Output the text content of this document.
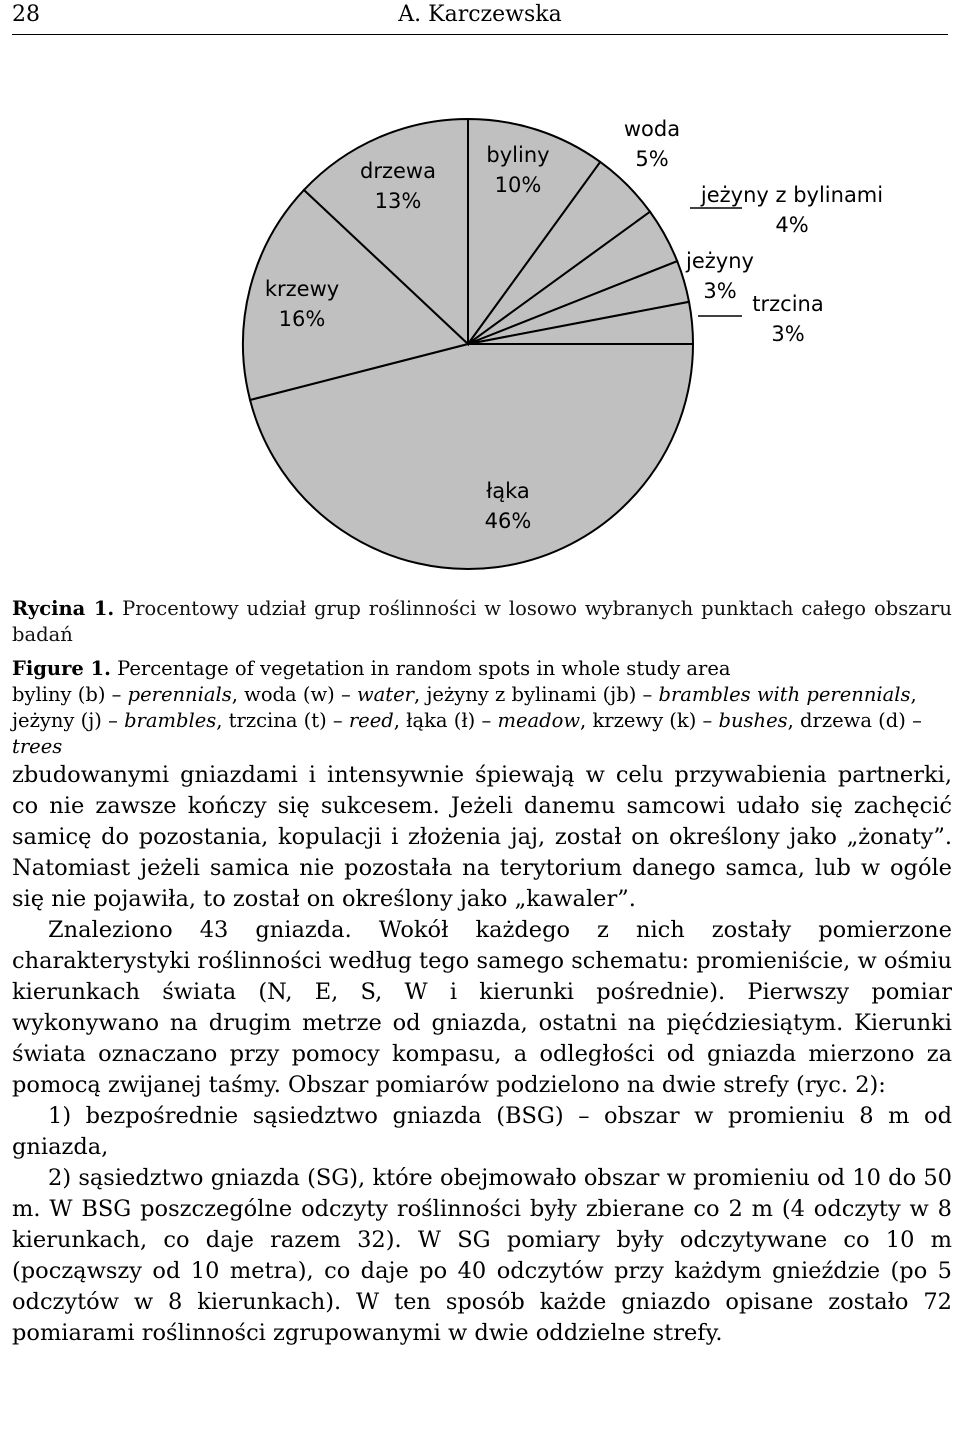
28	A. Karczewska
byliny
10%
woda
5%
jeżyny z bylinami
4%
jeżyny
3%
trzcina
3%
łąka
46%
krzewy
16%
drzewa
13%
Rycina 1. Procentowy udział grup roślinności w losowo wybranych punktach całego obszaru badań
Figure 1. Percentage of vegetation in random spots in whole study area
byliny (b) – perennials, woda (w) – water, jeżyny z bylinami (jb) – brambles with perennials, jeżyny (j) – brambles, trzcina (t) – reed, łąka (ł) – meadow, krzewy (k) – bushes, drzewa (d) – trees

zbudowanymi gniazdami i intensywnie śpiewają w celu przywabienia partnerki, co nie zawsze kończy się sukcesem. Jeżeli danemu samcowi udało się zachęcić samicę do pozostania, kopulacji i złożenia jaj, został on określony jako „żonaty”. Natomiast jeżeli samica nie pozostała na terytorium danego samca, lub w ogóle się nie pojawiła, to został on określony jako „kawaler”.

Znaleziono 43 gniazda. Wokół każdego z nich zostały pomierzone charakterystyki roślinności według tego samego schematu: promieniście, w ośmiu kierunkach świata (N, E, S, W i kierunki pośrednie). Pierwszy pomiar wykonywano na drugim metrze od gniazda, ostatni na pięćdziesiątym. Kierunki świata oznaczano przy pomocy kompasu, a odległości od gniazda mierzono za pomocą zwijanej taśmy. Obszar pomiarów podzielono na dwie strefy (ryc. 2):

1) bezpośrednie sąsiedztwo gniazda (BSG) – obszar w promieniu 8 m od gniazda,

2) sąsiedztwo gniazda (SG), które obejmowało obszar w promieniu od 10 do 50 m. W BSG poszczególne odczyty roślinności były zbierane co 2 m (4 odczyty w 8 kierunkach, co daje razem 32). W SG pomiary były odczytywane co 10 m (począwszy od 10 metra), co daje po 40 odczytów przy każdym gnieździe (po 5 odczytów w 8 kierunkach). W ten sposób każde gniazdo opisane zostało 72 pomiarami roślinności zgrupowanymi w dwie oddzielne strefy.
